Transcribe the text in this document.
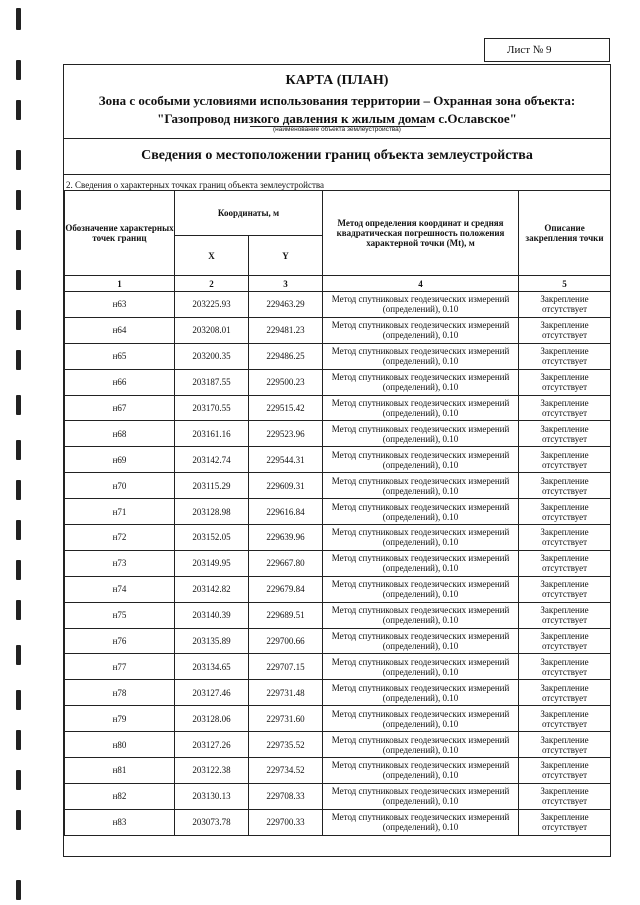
Лист № 9
КАРТА (ПЛАН)
Зона с особыми условиями использования территории – Охранная зона объекта:
"Газопровод низкого давления к жилым домам с.Ославское"
(наименование объекта землеустройства)
Сведения о местоположении границ объекта землеустройства
2. Сведения о характерных точках границ объекта землеустройства
Обозначение характерных точек границ	Координаты, м		Метод определения координат и средняя квадратическая погрешность положения характерной точки (Mt), м	Описание закрепления точки
	X	Y		
1	2	3	4	5
н63	203225.93	229463.29	Метод спутниковых геодезических измерений (определений), 0.10	Закрепление отсутствует
н64	203208.01	229481.23	Метод спутниковых геодезических измерений (определений), 0.10	Закрепление отсутствует
н65	203200.35	229486.25	Метод спутниковых геодезических измерений (определений), 0.10	Закрепление отсутствует
н66	203187.55	229500.23	Метод спутниковых геодезических измерений (определений), 0.10	Закрепление отсутствует
н67	203170.55	229515.42	Метод спутниковых геодезических измерений (определений), 0.10	Закрепление отсутствует
н68	203161.16	229523.96	Метод спутниковых геодезических измерений (определений), 0.10	Закрепление отсутствует
н69	203142.74	229544.31	Метод спутниковых геодезических измерений (определений), 0.10	Закрепление отсутствует
н70	203115.29	229609.31	Метод спутниковых геодезических измерений (определений), 0.10	Закрепление отсутствует
н71	203128.98	229616.84	Метод спутниковых геодезических измерений (определений), 0.10	Закрепление отсутствует
н72	203152.05	229639.96	Метод спутниковых геодезических измерений (определений), 0.10	Закрепление отсутствует
н73	203149.95	229667.80	Метод спутниковых геодезических измерений (определений), 0.10	Закрепление отсутствует
н74	203142.82	229679.84	Метод спутниковых геодезических измерений (определений), 0.10	Закрепление отсутствует
н75	203140.39	229689.51	Метод спутниковых геодезических измерений (определений), 0.10	Закрепление отсутствует
н76	203135.89	229700.66	Метод спутниковых геодезических измерений (определений), 0.10	Закрепление отсутствует
н77	203134.65	229707.15	Метод спутниковых геодезических измерений (определений), 0.10	Закрепление отсутствует
н78	203127.46	229731.48	Метод спутниковых геодезических измерений (определений), 0.10	Закрепление отсутствует
н79	203128.06	229731.60	Метод спутниковых геодезических измерений (определений), 0.10	Закрепление отсутствует
н80	203127.26	229735.52	Метод спутниковых геодезических измерений (определений), 0.10	Закрепление отсутствует
н81	203122.38	229734.52	Метод спутниковых геодезических измерений (определений), 0.10	Закрепление отсутствует
н82	203130.13	229708.33	Метод спутниковых геодезических измерений (определений), 0.10	Закрепление отсутствует
н83	203073.78	229700.33	Метод спутниковых геодезических измерений (определений), 0.10	Закрепление отсутствует
